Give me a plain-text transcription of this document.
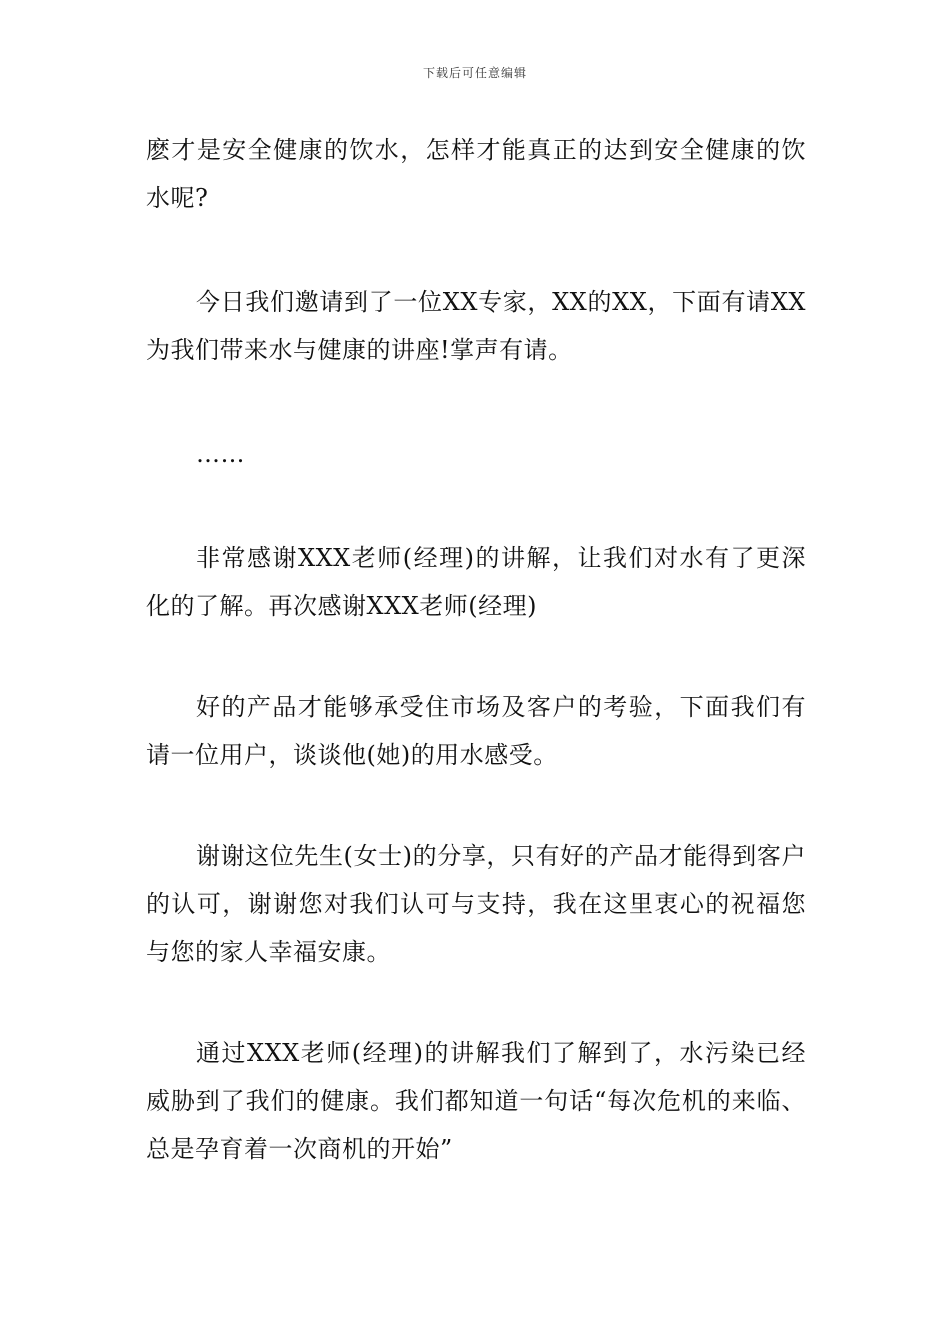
下载后可任意编辑

麽才是安全健康的饮水，怎样才能真正的达到安全健康的饮水呢?

今日我们邀请到了一位XX专家，XX的XX，下面有请XX为我们带来水与健康的讲座!掌声有请。

……

非常感谢XXX老师(经理)的讲解，让我们对水有了更深化的了解。再次感谢XXX老师(经理)

好的产品才能够承受住市场及客户的考验，下面我们有请一位用户，谈谈他(她)的用水感受。

谢谢这位先生(女士)的分享，只有好的产品才能得到客户的认可，谢谢您对我们认可与支持，我在这里衷心的祝福您与您的家人幸福安康。

通过XXX老师(经理)的讲解我们了解到了，水污染已经威胁到了我们的健康。我们都知道一句话“每次危机的来临、总是孕育着一次商机的开始”
